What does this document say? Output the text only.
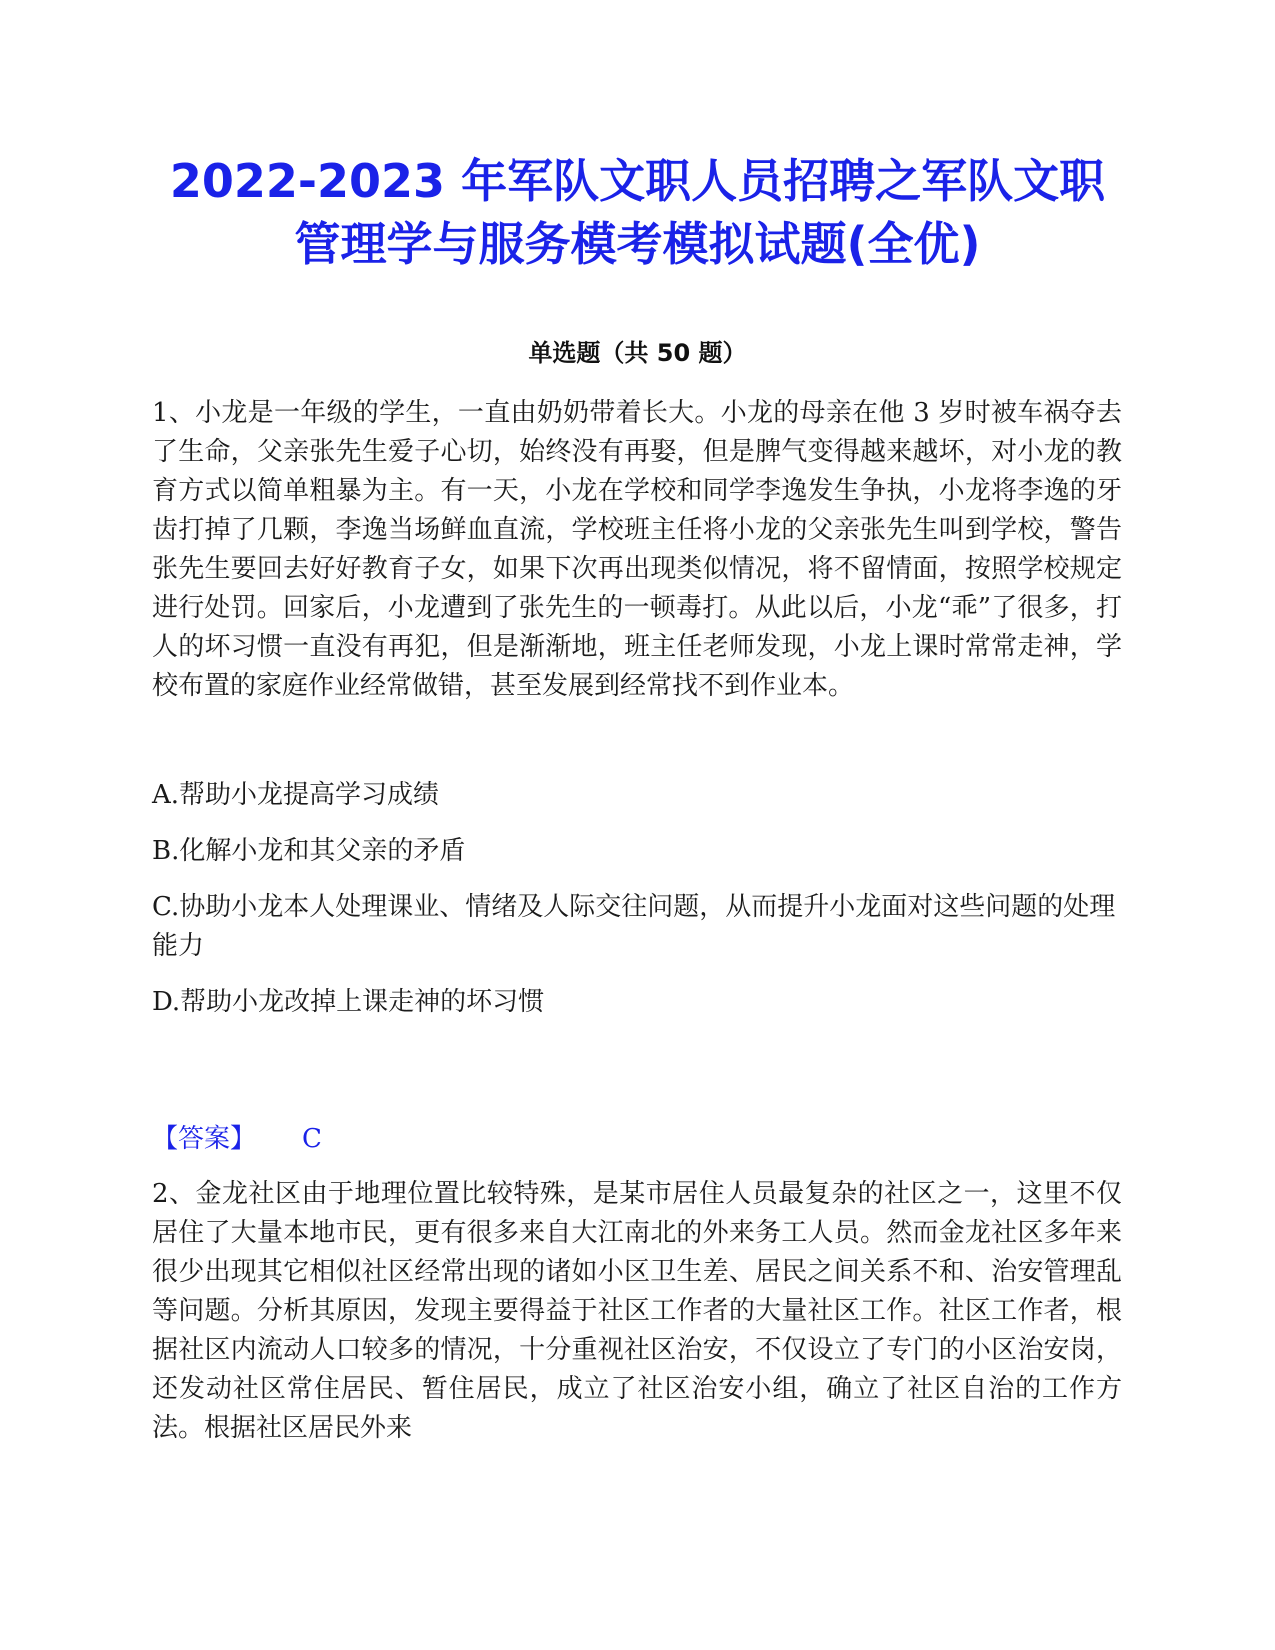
2022-2023 年军队文职人员招聘之军队文职
管理学与服务模考模拟试题(全优)
单选题（共 50 题）
1、小龙是一年级的学生，一直由奶奶带着长大。小龙的母亲在他 3 岁时被车祸夺去了生命，父亲张先生爱子心切，始终没有再娶，但是脾气变得越来越坏，对小龙的教育方式以简单粗暴为主。有一天，小龙在学校和同学李逸发生争执，小龙将李逸的牙齿打掉了几颗，李逸当场鲜血直流，学校班主任将小龙的父亲张先生叫到学校，警告张先生要回去好好教育子女，如果下次再出现类似情况，将不留情面，按照学校规定进行处罚。回家后，小龙遭到了张先生的一顿毒打。从此以后，小龙“乖”了很多，打人的坏习惯一直没有再犯，但是渐渐地，班主任老师发现，小龙上课时常常走神，学校布置的家庭作业经常做错，甚至发展到经常找不到作业本。
A.帮助小龙提高学习成绩
B.化解小龙和其父亲的矛盾
C.协助小龙本人处理课业、情绪及人际交往问题，从而提升小龙面对这些问题的处理能力
D.帮助小龙改掉上课走神的坏习惯
【答案】 C
2、金龙社区由于地理位置比较特殊，是某市居住人员最复杂的社区之一，这里不仅居住了大量本地市民，更有很多来自大江南北的外来务工人员。然而金龙社区多年来很少出现其它相似社区经常出现的诸如小区卫生差、居民之间关系不和、治安管理乱等问题。分析其原因，发现主要得益于社区工作者的大量社区工作。社区工作者，根据社区内流动人口较多的情况，十分重视社区治安，不仅设立了专门的小区治安岗，还发动社区常住居民、暂住居民，成立了社区治安小组，确立了社区自治的工作方法。根据社区居民外来
